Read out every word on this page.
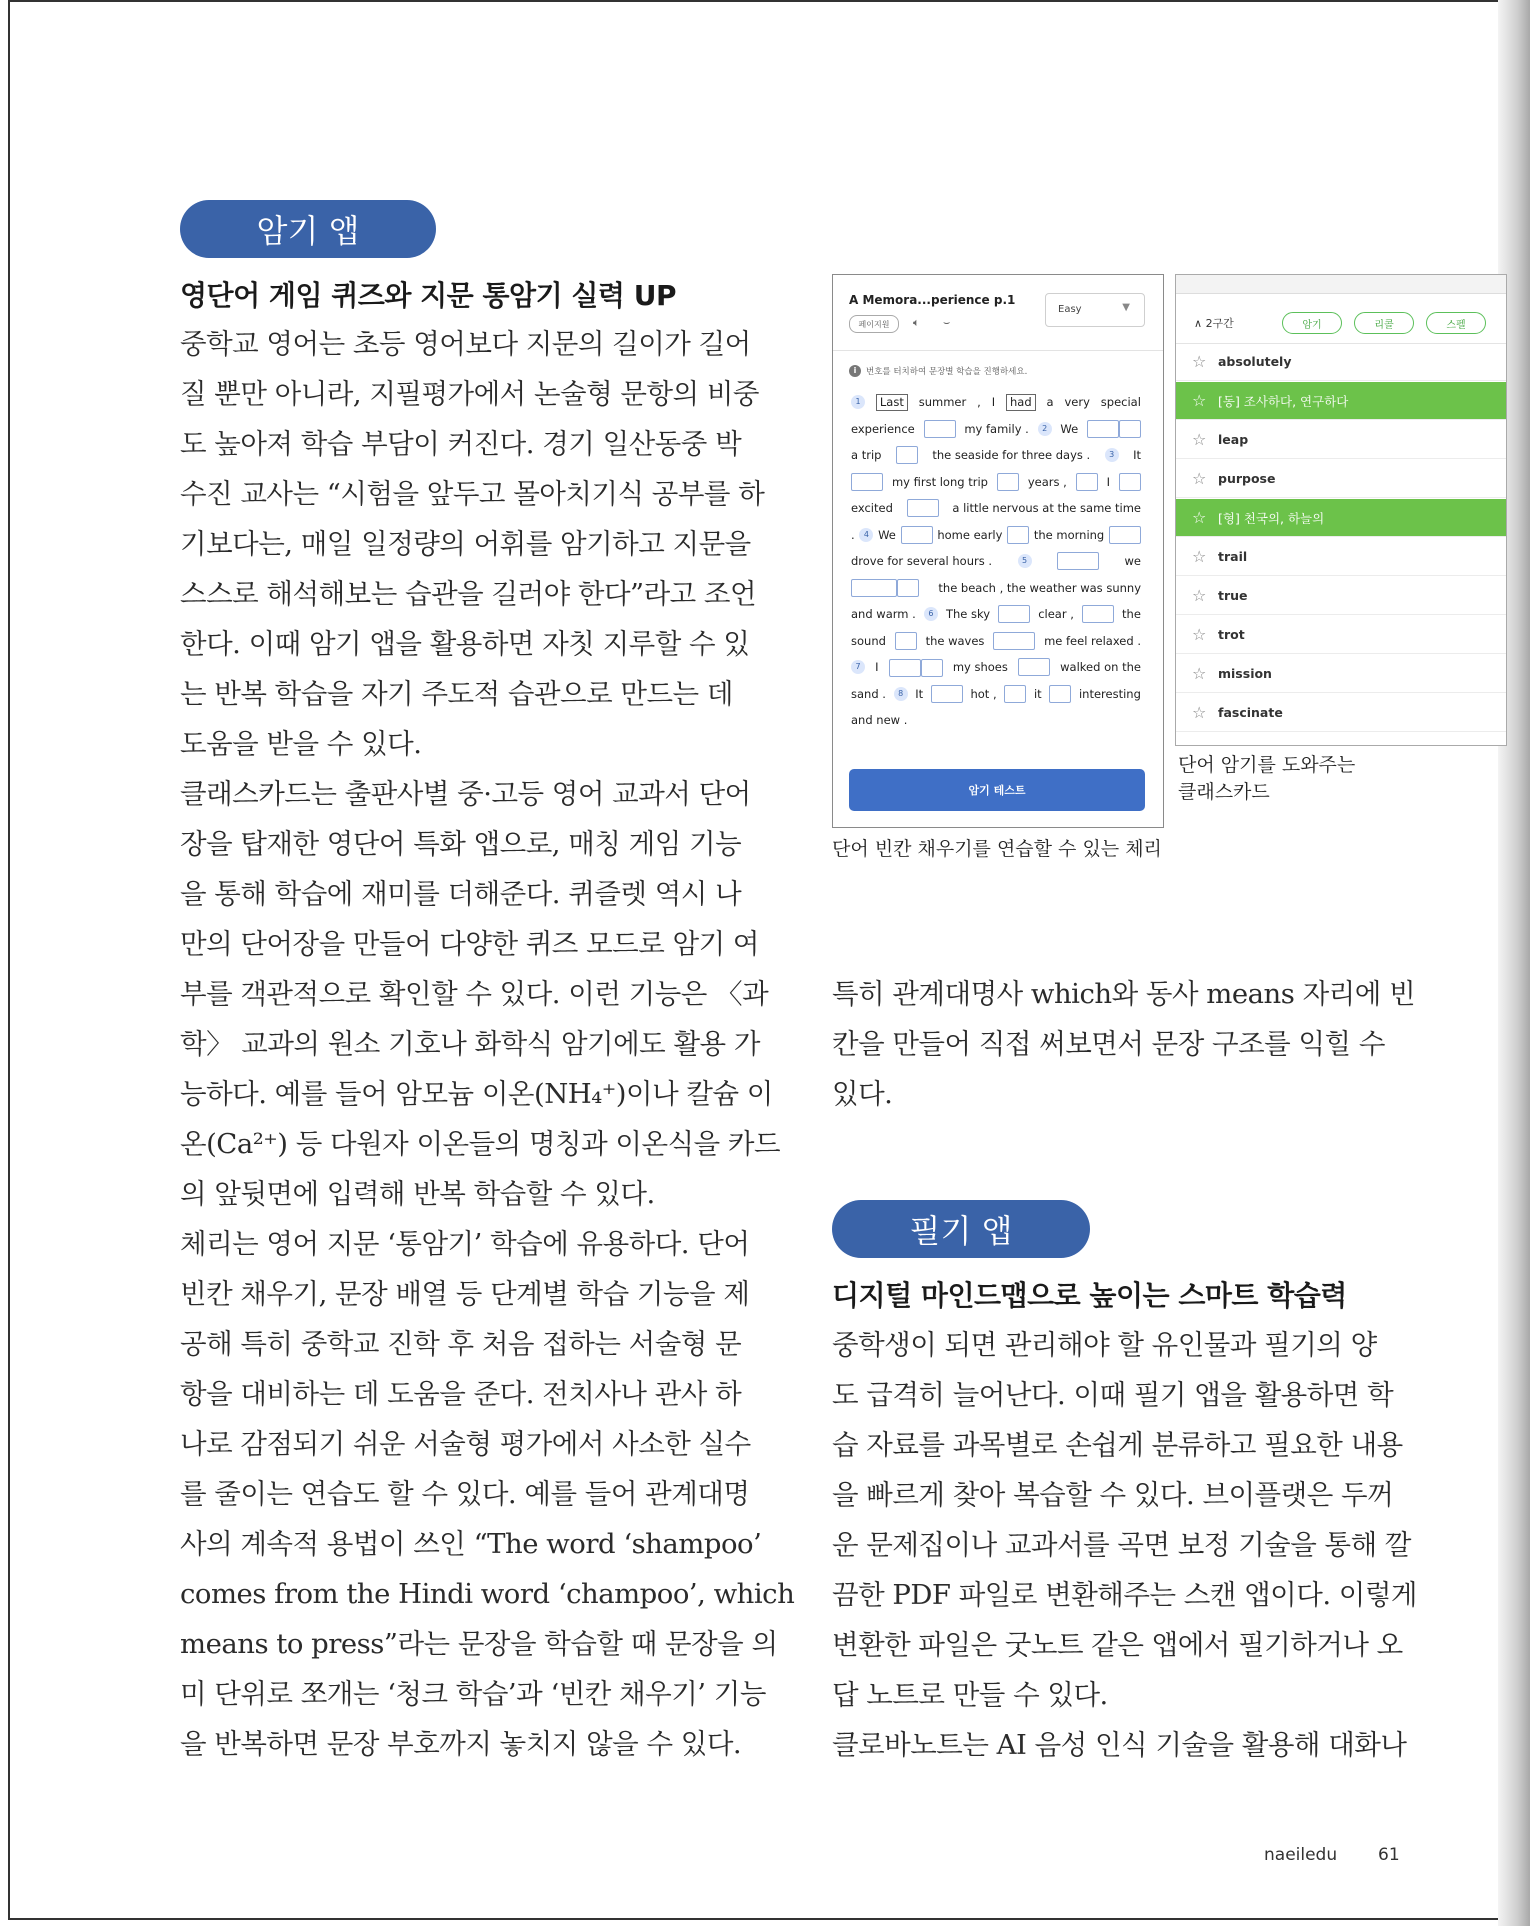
암기 앱
영단어 게임 퀴즈와 지문 통암기 실력 UP

중학교 영어는 초등 영어보다 지문의 길이가 길어

질 뿐만 아니라, 지필평가에서 논술형 문항의 비중

도 높아져 학습 부담이 커진다. 경기 일산동중 박

수진 교사는 “시험을 앞두고 몰아치기식 공부를 하

기보다는, 매일 일정량의 어휘를 암기하고 지문을

스스로 해석해보는 습관을 길러야 한다”라고 조언

한다. 이때 암기 앱을 활용하면 자칫 지루할 수 있

는 반복 학습을 자기 주도적 습관으로 만드는 데

도움을 받을 수 있다.

클래스카드는 출판사별 중·고등 영어 교과서 단어

장을 탑재한 영단어 특화 앱으로, 매칭 게임 기능

을 통해 학습에 재미를 더해준다. 퀴즐렛 역시 나

만의 단어장을 만들어 다양한 퀴즈 모드로 암기 여

부를 객관적으로 확인할 수 있다. 이런 기능은 〈과

학〉 교과의 원소 기호나 화학식 암기에도 활용 가

능하다. 예를 들어 암모늄 이온(NH₄⁺)이나 칼슘 이

온(Ca²⁺) 등 다원자 이온들의 명칭과 이온식을 카드

의 앞뒷면에 입력해 반복 학습할 수 있다.

체리는 영어 지문 ‘통암기’ 학습에 유용하다. 단어

빈칸 채우기, 문장 배열 등 단계별 학습 기능을 제

공해 특히 중학교 진학 후 처음 접하는 서술형 문

항을 대비하는 데 도움을 준다. 전치사나 관사 하

나로 감점되기 쉬운 서술형 평가에서 사소한 실수

를 줄이는 연습도 할 수 있다. 예를 들어 관계대명

사의 계속적 용법이 쓰인 “The word ‘shampoo’

comes from the Hindi word ‘champoo’, which

means to press”라는 문장을 학습할 때 문장을 의

미 단위로 쪼개는 ‘청크 학습’과 ‘빈칸 채우기’ 기능

을 반복하면 문장 부호까지 놓치지 않을 수 있다.

A Memora...perience p.1
페이지원	🔈︎ ⌣
Easy	▼
i	번호를 터치하여 문장별 학습을 진행하세요.
1	Last	summer , I	had	a very special
experience	my family .	2	We
a trip	the seaside for three days .	3	It
my first long trip	years ,	I
excited	a little nervous at the same time
.	4 We	home early	the morning
drove for several hours .	5	we
the beach , the weather was sunny
and warm .	6	The sky	clear ,	the
sound	the waves	me feel relaxed .
7	I	my shoes	walked on the
sand .	8	It	hot ,	it	interesting
and new .
암기 테스트
단어 빈칸 채우기를 연습할 수 있는 체리
∧ 2구간	암기	리콜	스펠
☆ absolutely
☆ [동] 조사하다, 연구하다
☆ leap
☆ purpose
☆ [형] 천국의, 하늘의
☆ trail
☆ true
☆ trot
☆ mission
☆ fascinate
단어 암기를 도와주는
클래스카드

특히 관계대명사 which와 동사 means 자리에 빈

칸을 만들어 직접 써보면서 문장 구조를 익힐 수

있다.

필기 앱
디지털 마인드맵으로 높이는 스마트 학습력

중학생이 되면 관리해야 할 유인물과 필기의 양

도 급격히 늘어난다. 이때 필기 앱을 활용하면 학

습 자료를 과목별로 손쉽게 분류하고 필요한 내용

을 빠르게 찾아 복습할 수 있다. 브이플랫은 두꺼

운 문제집이나 교과서를 곡면 보정 기술을 통해 깔

끔한 PDF 파일로 변환해주는 스캔 앱이다. 이렇게

변환한 파일은 굿노트 같은 앱에서 필기하거나 오

답 노트로 만들 수 있다.

클로바노트는 AI 음성 인식 기술을 활용해 대화나

naeiledu 61
